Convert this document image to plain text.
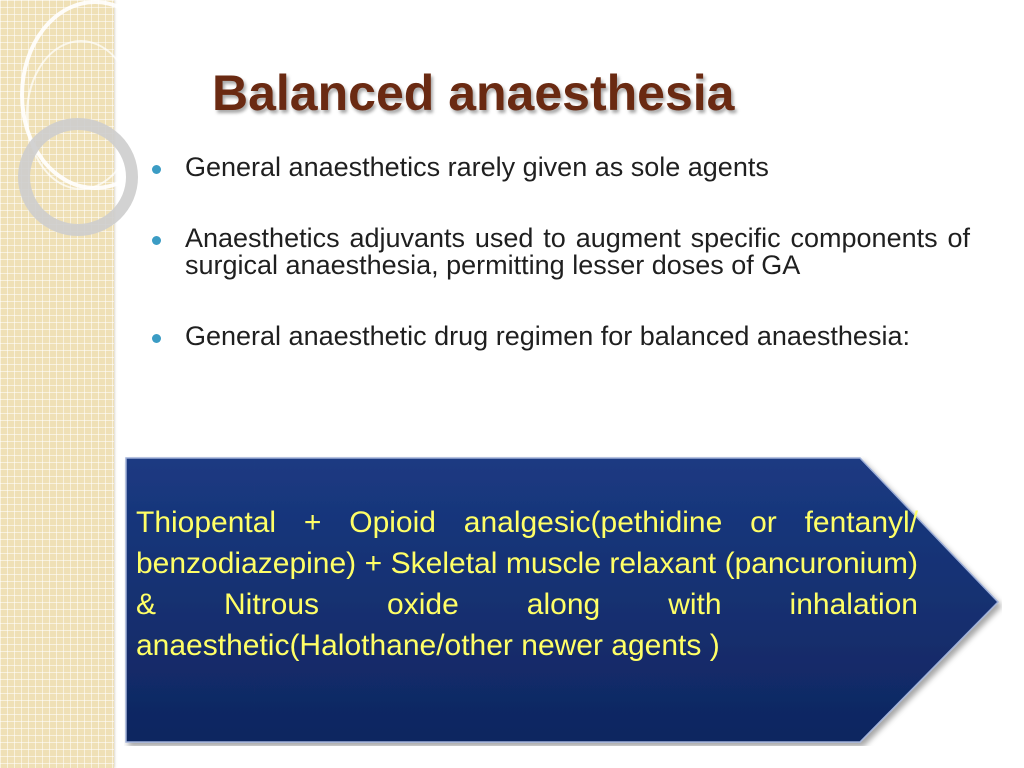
Balanced anaesthesia
General anaesthetics rarely given as sole agents
Anaesthetics adjuvants used to augment specific components of surgical anaesthesia, permitting lesser doses of GA
General anaesthetic drug regimen for balanced anaesthesia:

Thiopental + Opioid analgesic(pethidine or fentanyl/ benzodiazepine) + Skeletal muscle relaxant (pancuronium) & Nitrous oxide along with inhalation anaesthetic(Halothane/other newer agents )
